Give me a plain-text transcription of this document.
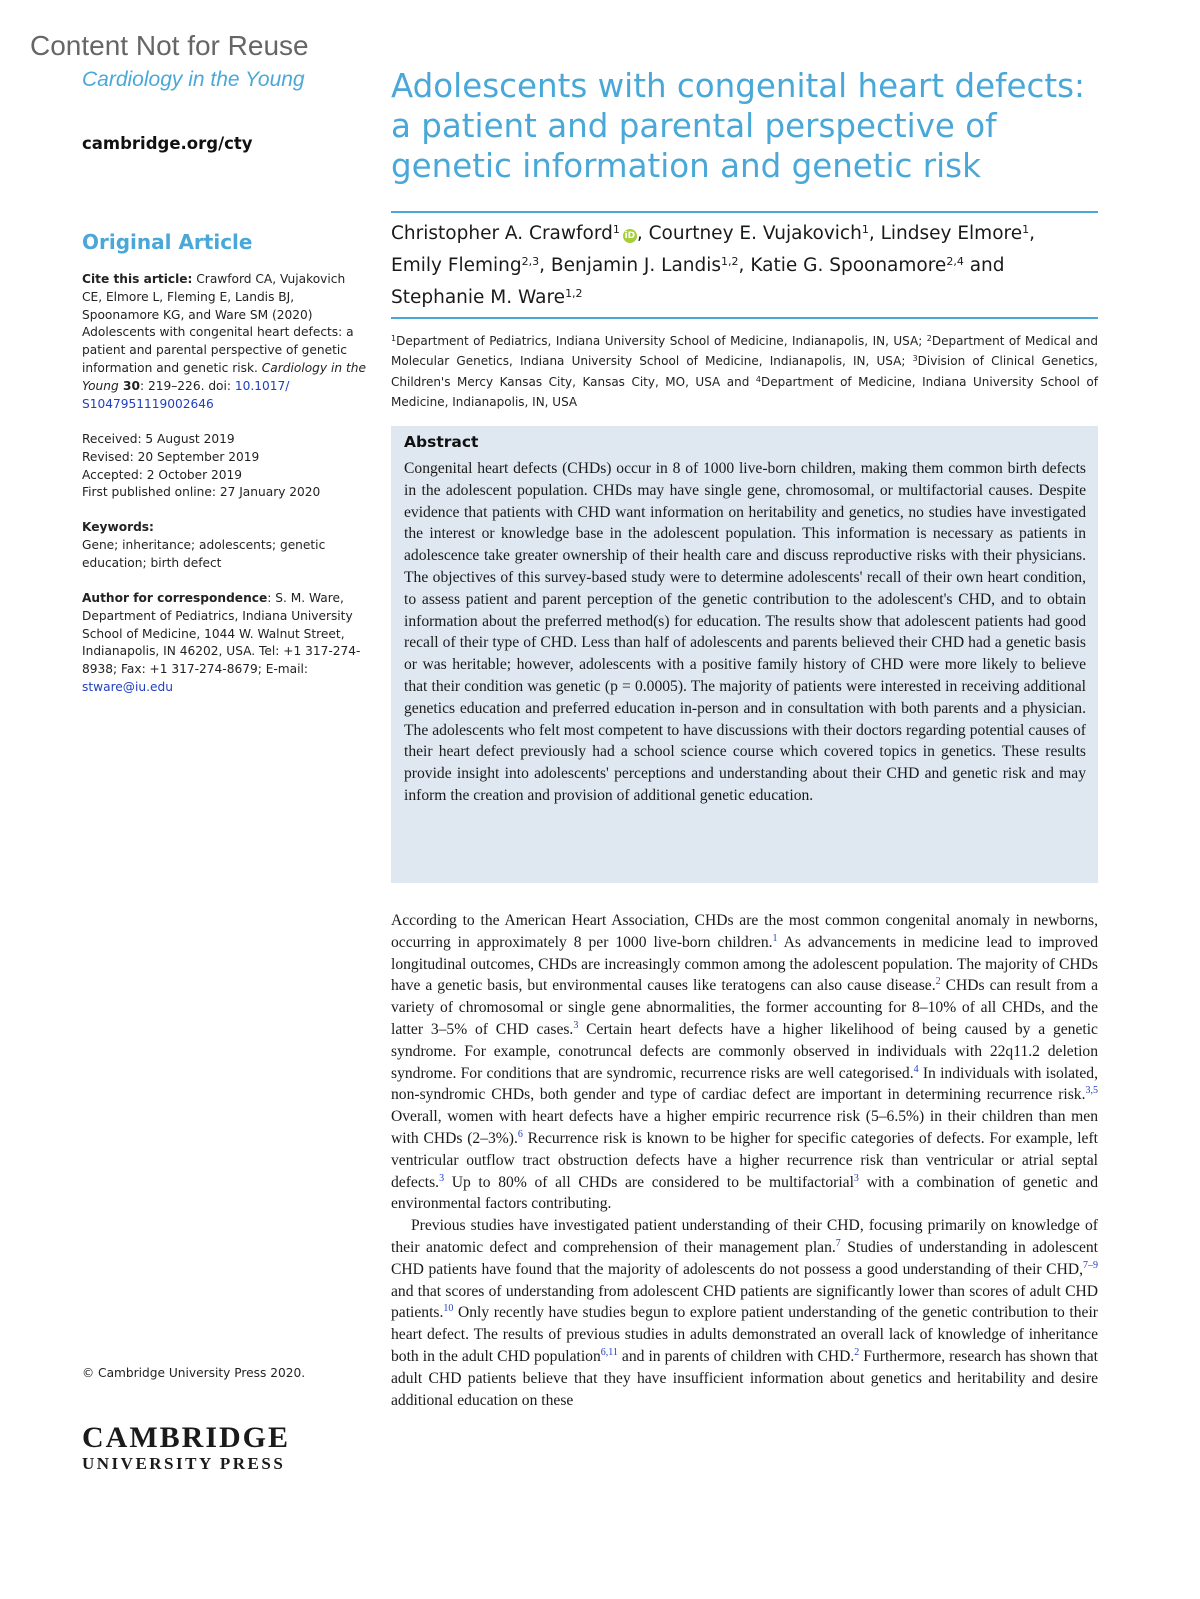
Content Not for Reuse
Cardiology in the Young
cambridge.org/cty
Original Article
Cite this article: Crawford CA, Vujakovich CE, Elmore L, Fleming E, Landis BJ, Spoonamore KG, and Ware SM (2020) Adolescents with congenital heart defects: a patient and parental perspective of genetic information and genetic risk. Cardiology in the Young 30: 219–226. doi: 10.1017/ S1047951119002646
Received: 5 August 2019
Revised: 20 September 2019
Accepted: 2 October 2019
First published online: 27 January 2020
Keywords:
Gene; inheritance; adolescents; genetic education; birth defect
Author for correspondence: S. M. Ware, Department of Pediatrics, Indiana University School of Medicine, 1044 W. Walnut Street, Indianapolis, IN 46202, USA. Tel: +1 317-274-8938; Fax: +1 317-274-8679; E-mail: stware@iu.edu
© Cambridge University Press 2020.
CAMBRIDGE
UNIVERSITY PRESS
Adolescents with congenital heart defects: a patient and parental perspective of genetic information and genetic risk
Christopher A. Crawford$^1$ iD, Courtney E. Vujakovich$^1$, Lindsey Elmore$^1$,
Emily Fleming$^{2,3}$, Benjamin J. Landis$^{1,2}$, Katie G. Spoonamore$^{2,4}$ and
Stephanie M. Ware$^{1,2}$
$^1$Department of Pediatrics, Indiana University School of Medicine, Indianapolis, IN, USA; $^2$Department of Medical and Molecular Genetics, Indiana University School of Medicine, Indianapolis, IN, USA; $^3$Division of Clinical Genetics, Children's Mercy Kansas City, Kansas City, MO, USA and $^4$Department of Medicine, Indiana University School of Medicine, Indianapolis, IN, USA
Abstract
Congenital heart defects (CHDs) occur in 8 of 1000 live-born children, making them common birth defects in the adolescent population. CHDs may have single gene, chromosomal, or multifactorial causes. Despite evidence that patients with CHD want information on heritability and genetics, no studies have investigated the interest or knowledge base in the adolescent population. This information is necessary as patients in adolescence take greater ownership of their health care and discuss reproductive risks with their physicians. The objectives of this survey-based study were to determine adolescents' recall of their own heart condition, to assess patient and parent perception of the genetic contribution to the adolescent's CHD, and to obtain information about the preferred method(s) for education. The results show that adolescent patients had good recall of their type of CHD. Less than half of adolescents and parents believed their CHD had a genetic basis or was heritable; however, adolescents with a positive family history of CHD were more likely to believe that their condition was genetic (p = 0.0005). The majority of patients were interested in receiving additional genetics education and preferred education in-person and in consultation with both parents and a physician. The adolescents who felt most competent to have discussions with their doctors regarding potential causes of their heart defect previously had a school science course which covered topics in genetics. These results provide insight into adolescents' perceptions and understanding about their CHD and genetic risk and may inform the creation and provision of additional genetic education.

According to the American Heart Association, CHDs are the most common congenital anomaly in newborns, occurring in approximately 8 per 1000 live-born children.$^1$ As advancements in medicine lead to improved longitudinal outcomes, CHDs are increasingly common among the adolescent population. The majority of CHDs have a genetic basis, but environmental causes like teratogens can also cause disease.$^2$ CHDs can result from a variety of chromosomal or single gene abnormalities, the former accounting for 8–10% of all CHDs, and the latter 3–5% of CHD cases.$^3$ Certain heart defects have a higher likelihood of being caused by a genetic syndrome. For example, conotruncal defects are commonly observed in individuals with 22q11.2 deletion syndrome. For conditions that are syndromic, recurrence risks are well categorised.$^4$ In individuals with isolated, non-syndromic CHDs, both gender and type of cardiac defect are important in determining recurrence risk.$^{3,5}$ Overall, women with heart defects have a higher empiric recurrence risk (5–6.5%) in their children than men with CHDs (2–3%).$^6$ Recurrence risk is known to be higher for specific categories of defects. For example, left ventricular outflow tract obstruction defects have a higher recurrence risk than ventricular or atrial septal defects.$^3$ Up to 80% of all CHDs are considered to be multifactorial$^3$ with a combination of genetic and environmental factors contributing.

Previous studies have investigated patient understanding of their CHD, focusing primarily on knowledge of their anatomic defect and comprehension of their management plan.$^7$ Studies of understanding in adolescent CHD patients have found that the majority of adolescents do not possess a good understanding of their CHD,$^{7-9}$ and that scores of understanding from adolescent CHD patients are significantly lower than scores of adult CHD patients.$^{10}$ Only recently have studies begun to explore patient understanding of the genetic contribution to their heart defect. The results of previous studies in adults demonstrated an overall lack of knowledge of inheritance both in the adult CHD population$^{6,11}$ and in parents of children with CHD.$^2$ Furthermore, research has shown that adult CHD patients believe that they have insufficient information about genetics and heritability and desire additional education on these
